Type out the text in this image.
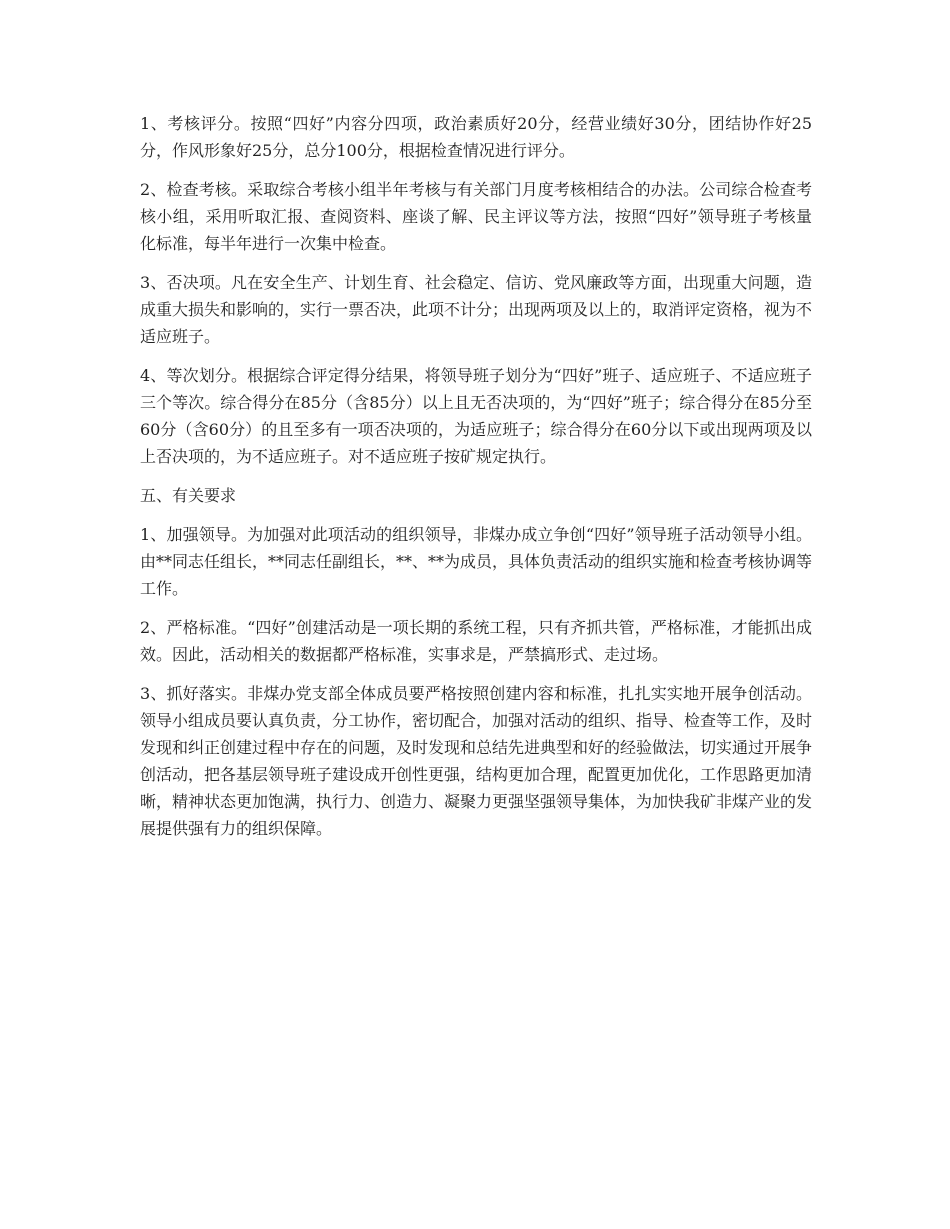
1、考核评分。按照“四好”内容分四项，政治素质好20分，经营业绩好30分，团结协作好25分，作风形象好25分，总分100分，根据检查情况进行评分。

2、检查考核。采取综合考核小组半年考核与有关部门月度考核相结合的办法。公司综合检查考核小组，采用听取汇报、查阅资料、座谈了解、民主评议等方法，按照“四好”领导班子考核量化标准，每半年进行一次集中检查。

3、否决项。凡在安全生产、计划生育、社会稳定、信访、党风廉政等方面，出现重大问题，造成重大损失和影响的，实行一票否决，此项不计分；出现两项及以上的，取消评定资格，视为不适应班子。

4、等次划分。根据综合评定得分结果，将领导班子划分为“四好”班子、适应班子、不适应班子三个等次。综合得分在85分（含85分）以上且无否决项的，为“四好”班子；综合得分在85分至60分（含60分）的且至多有一项否决项的，为适应班子；综合得分在60分以下或出现两项及以上否决项的，为不适应班子。对不适应班子按矿规定执行。

五、有关要求

1、加强领导。为加强对此项活动的组织领导，非煤办成立争创“四好”领导班子活动领导小组。由**同志任组长，**同志任副组长，**、**为成员，具体负责活动的组织实施和检查考核协调等工作。

2、严格标准。“四好”创建活动是一项长期的系统工程，只有齐抓共管，严格标准，才能抓出成效。因此，活动相关的数据都严格标准，实事求是，严禁搞形式、走过场。

3、抓好落实。非煤办党支部全体成员要严格按照创建内容和标准，扎扎实实地开展争创活动。领导小组成员要认真负责，分工协作，密切配合，加强对活动的组织、指导、检查等工作，及时发现和纠正创建过程中存在的问题，及时发现和总结先进典型和好的经验做法，切实通过开展争创活动，把各基层领导班子建设成开创性更强，结构更加合理，配置更加优化，工作思路更加清晰，精神状态更加饱满，执行力、创造力、凝聚力更强坚强领导集体，为加快我矿非煤产业的发展提供强有力的组织保障。
